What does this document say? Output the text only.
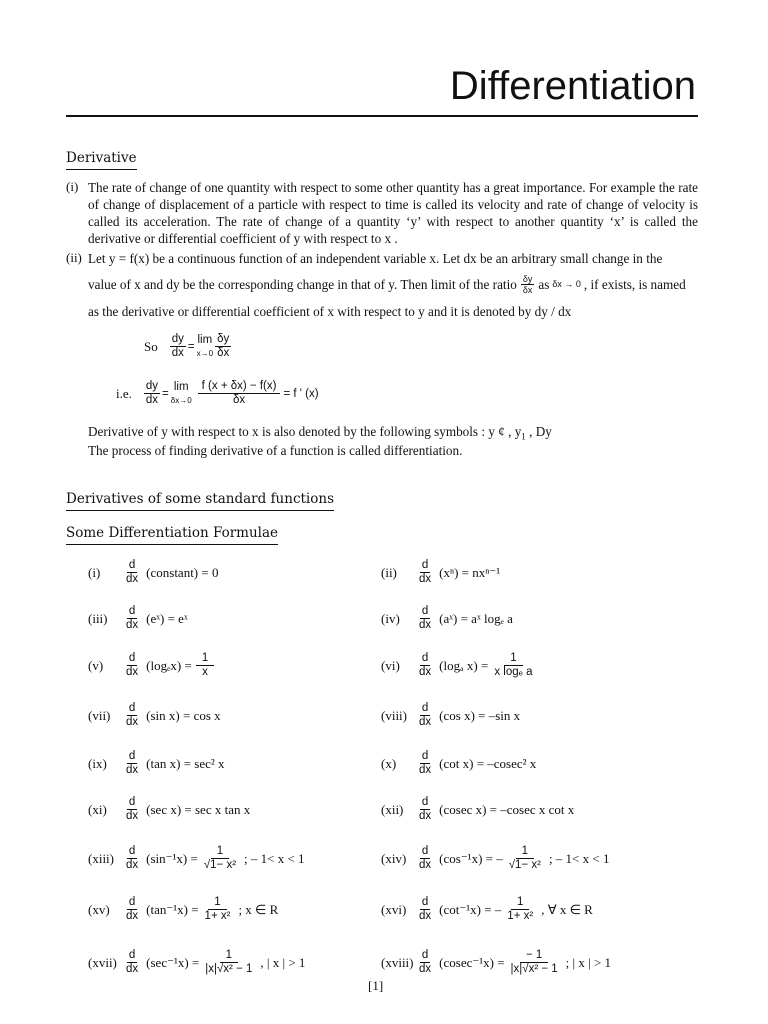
Differentiation
Derivative
(i) The rate of change of one quantity with respect to some other quantity has a great importance. For example the rate of change of displacement of a particle with respect to time is called its velocity and rate of change of velocity is called its acceleration. The rate of change of a quantity ‘y’ with respect to another quantity ‘x’ is called the derivative or differential coefficient of y with respect to x .
(ii) Let y = f(x) be a continuous function of an independent variable x. Let dx be an arbitrary small change in the
value of x and dy be the corresponding change in that of y. Then limit of the ratio $\frac{\delta y}{\delta x}$ as δx → 0 , if exists, is named
as the derivative or differential coefficient of x with respect to y and it is denoted by dy / dx
So $\frac{dy}{dx}$ =
lim
$x\to 0 \frac{\delta y}{\delta x}$
i.e. $\frac{dy}{dx}$ =
lim
$\delta x\to 0 \frac{f (x + \delta x) - f(x)}{\delta x} = f$ ' (x)
Derivative of y with respect to x is also denoted by the following symbols : y ¢ , $y_1$ , Dy
The process of finding derivative of a function is called differentiation.
Derivatives of some standard functions
Some Differentiation Formulae
(i)	$\frac{d}{dx}$ (constant) = 0	(ii)	$\frac{d}{dx} (x^n) = nx^{n-1}$
(iii)	$\frac{d}{dx}$ (eˣ) = eˣ	(iv)	$\frac{d}{dx}$ (aˣ) = aˣ logₑ a
(v)	$\frac{d}{dx} (\log_ex) = \frac{1}{x}$	(vi)	$\frac{d}{dx} (\log_a$ $x) = \frac{1}{\text{x logₑ a}}$
(vii)	$\frac{d}{dx} (\sin$ x) = cos x	(viii) $\frac{d}{dx} (\cos$ x) = –sin x
(ix)	$\frac{d}{dx} (\tan$ x) = sec² x	(x)	$\frac{d}{dx} (\cot$ x) = –cosec² x
(xi)	$\frac{d}{dx} (\sec$ x) = sec x tan x	(xii)	$\frac{d}{dx} (cosec$ x) = –cosec x cot x
(xiii) $\frac{d}{dx} (\sin^{-1}x) = \frac{1}{\text{√1− x²}}$ ; – 1< x < 1	$(xiv) \frac{d}{dx} (\cos^{-1}x)$ = – $\frac{1}{\text{√1− x²}}$ ; – 1< x < 1
(xv)	$\frac{d}{dx} (\tan^{-1}x) = \frac{1}{\text{1+ x²}}$ ; x ∈ R	$(xvi) \frac{d}{dx} (\cot^{-1}x)$ = – $\frac{1}{\text{1+ x²}}$ , ∀ x ∈ R
(xvii) $\frac{d}{dx} (\sec^{-1}x) = \frac{1}{\text{|x|√x² − 1}}$ , | x | > 1	(xviii) $\frac{d}{dx} (cosec^{-1}x) = \frac{- 1}{\text{|x|√x² − 1}}$ ; | x | > 1
[1]
